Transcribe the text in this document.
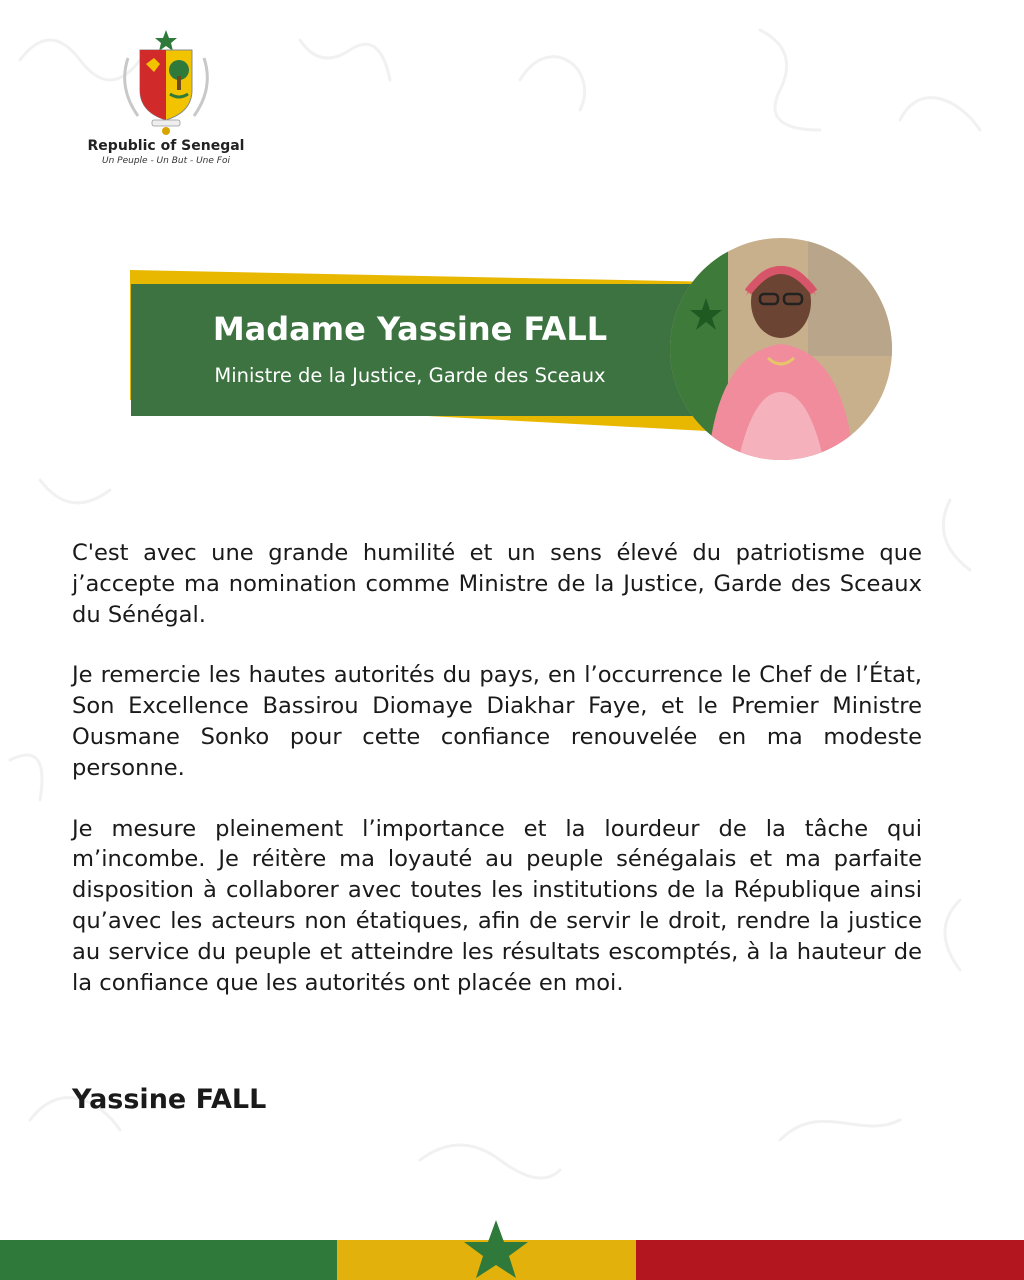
Republic of Senegal
Un Peuple - Un But - Une Foi
Madame Yassine FALL
Ministre de la Justice, Garde des Sceaux

C'est avec une grande humilité et un sens élevé du patriotisme que j’accepte ma nomination comme Ministre de la Justice, Garde des Sceaux du Sénégal.

Je remercie les hautes autorités du pays, en l’occurrence le Chef de l’État, Son Excellence Bassirou Diomaye Diakhar Faye, et le Premier Ministre Ousmane Sonko pour cette confiance renouvelée en ma modeste personne.

Je mesure pleinement l’importance et la lourdeur de la tâche qui m’incombe. Je réitère ma loyauté au peuple sénégalais et ma parfaite disposition à collaborer avec toutes les institutions de la République ainsi qu’avec les acteurs non étatiques, afin de servir le droit, rendre la justice au service du peuple et atteindre les résultats escomptés, à la hauteur de la confiance que les autorités ont placée en moi.

Yassine FALL
